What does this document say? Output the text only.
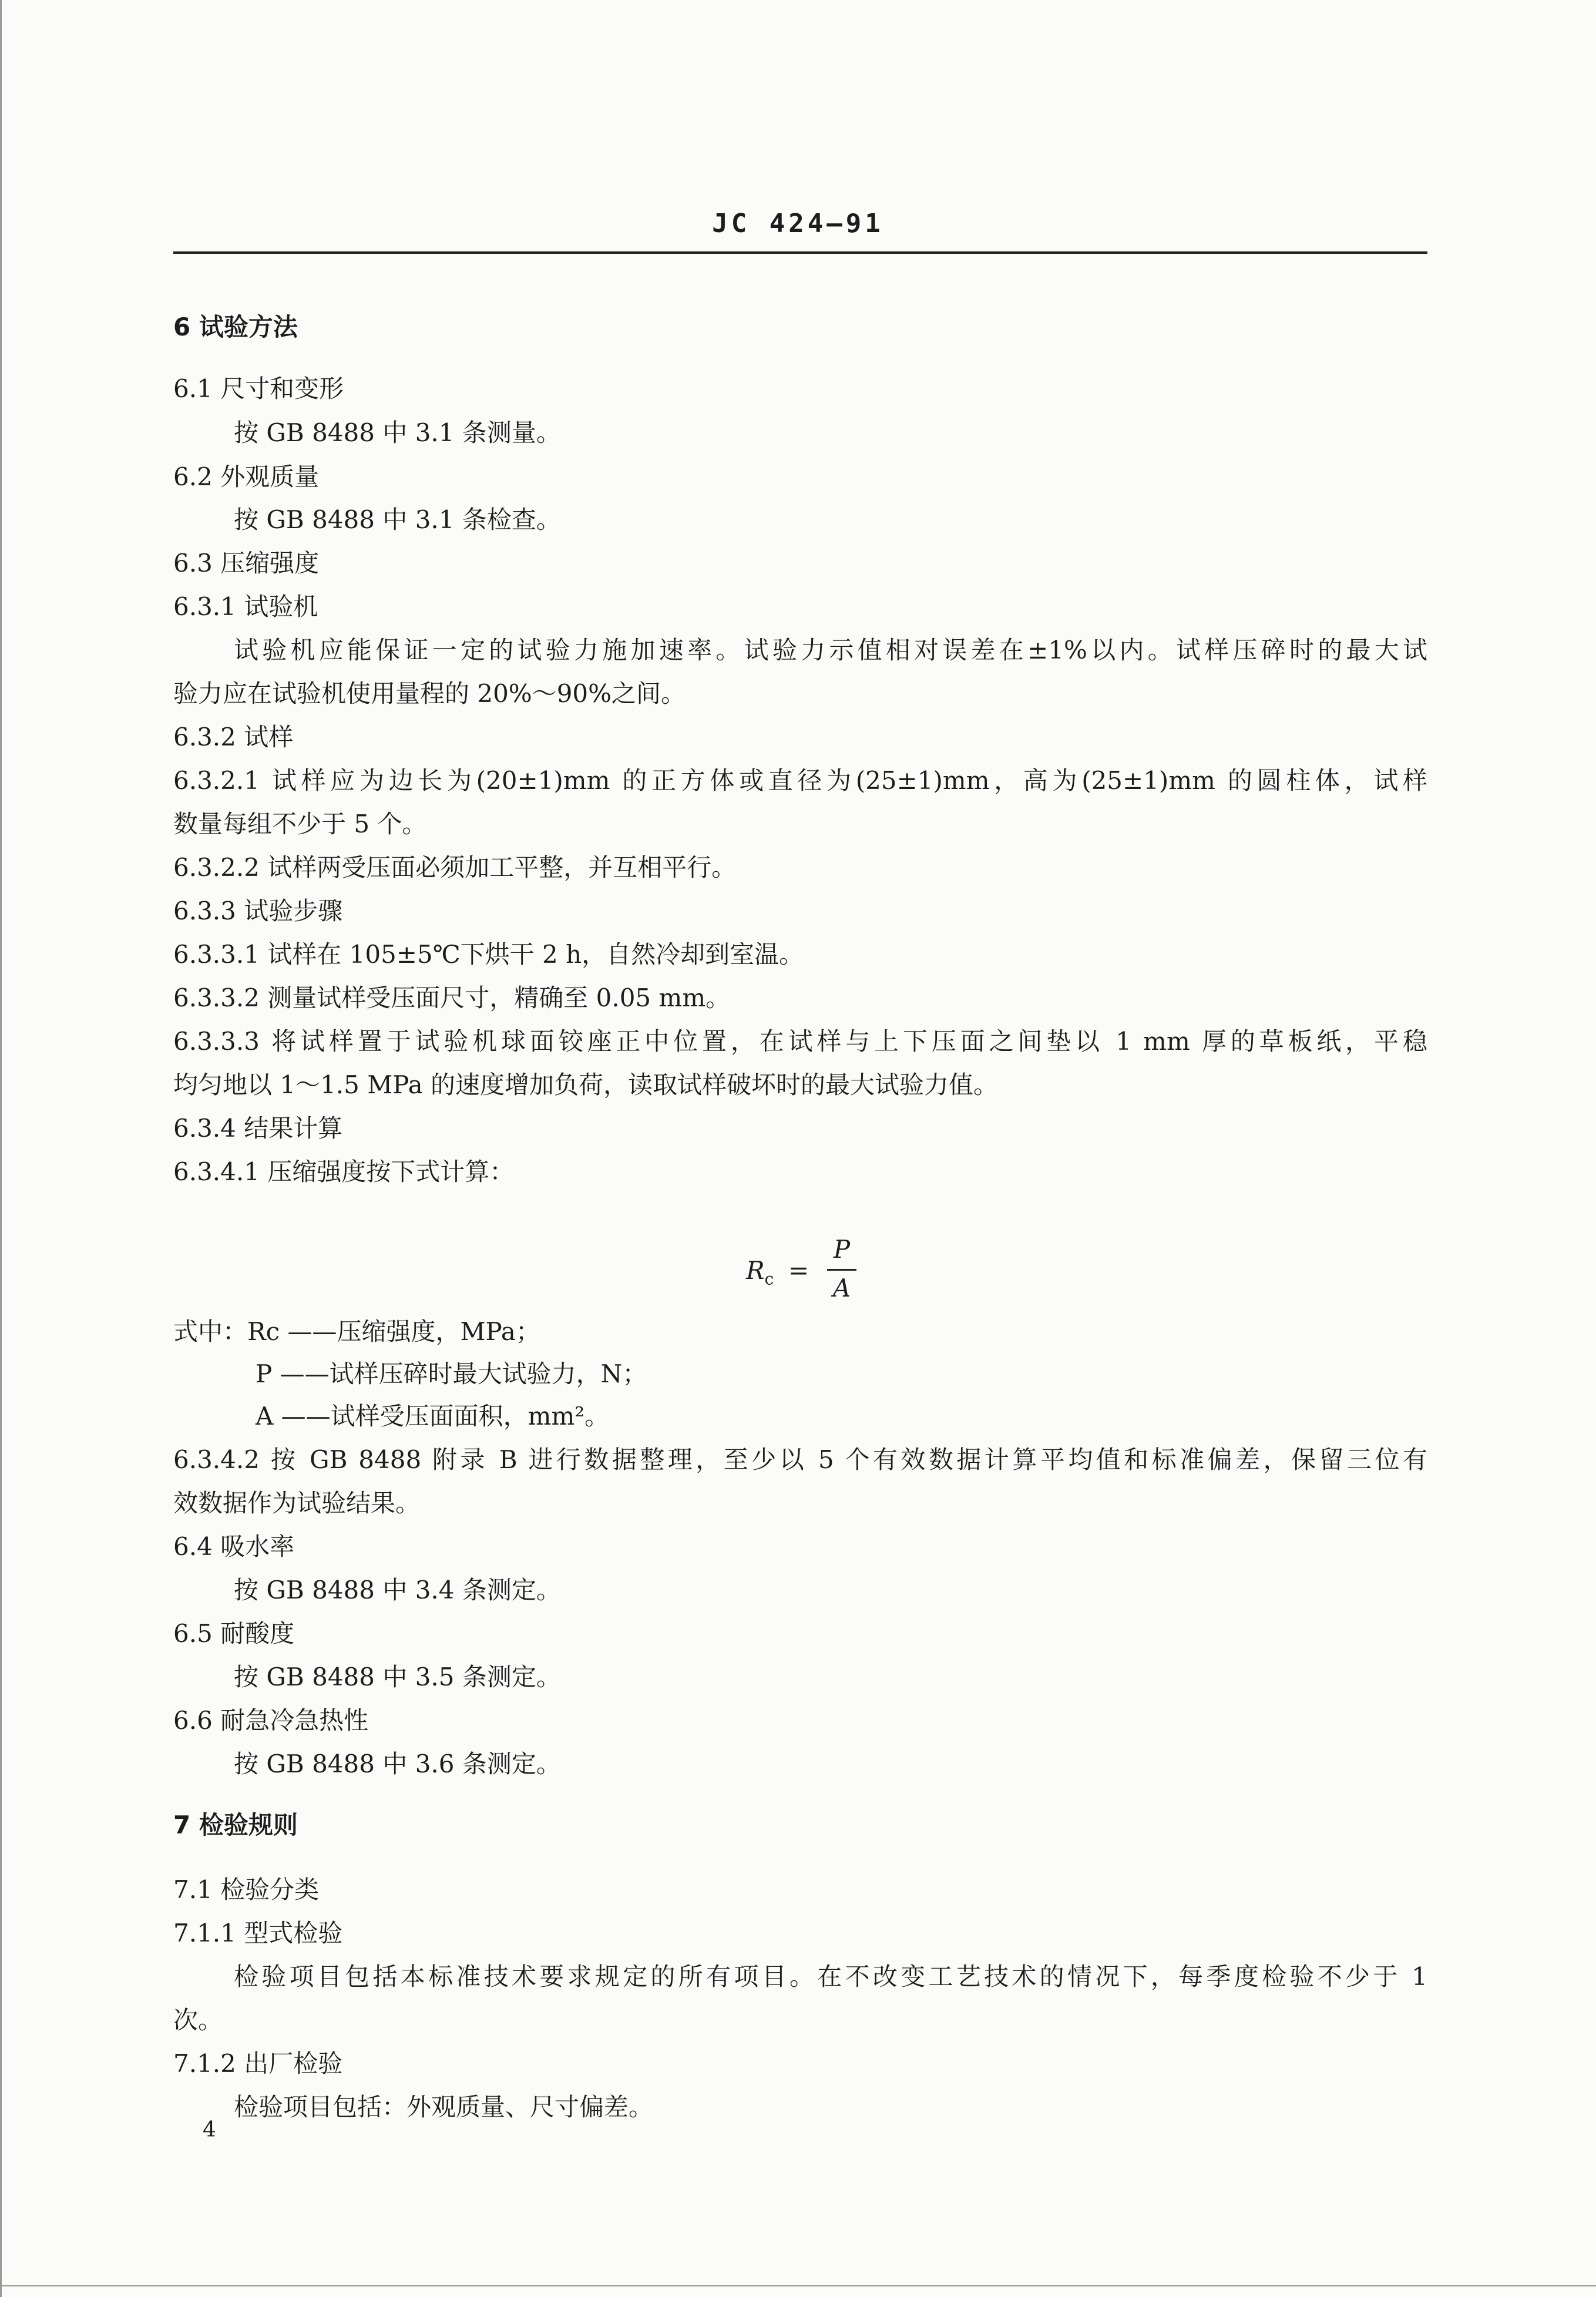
JC 424—91
6 试验方法
6.1 尺寸和变形
按 GB 8488 中 3.1 条测量。
6.2 外观质量
按 GB 8488 中 3.1 条检查。
6.3 压缩强度
6.3.1 试验机
试验机应能保证一定的试验力施加速率。试验力示值相对误差在±1%以内。试样压碎时的最大试
验力应在试验机使用量程的 20%～90%之间。
6.3.2 试样
6.3.2.1 试样应为边长为(20±1)mm 的正方体或直径为(25±1)mm，高为(25±1)mm 的圆柱体，试样
数量每组不少于 5 个。
6.3.2.2 试样两受压面必须加工平整，并互相平行。
6.3.3 试验步骤
6.3.3.1 试样在 105±5℃下烘干 2 h，自然冷却到室温。
6.3.3.2 测量试样受压面尺寸，精确至 0.05 mm。
6.3.3.3 将试样置于试验机球面铰座正中位置，在试样与上下压面之间垫以 1 mm 厚的草板纸，平稳
均匀地以 1～1.5 MPa 的速度增加负荷，读取试样破坏时的最大试验力值。
6.3.4 结果计算
6.3.4.1 压缩强度按下式计算：
$R_c$ =
P
A
式中：Rc ——压缩强度，MPa；
P ——试样压碎时最大试验力，N；
A ——试样受压面面积，mm²。
6.3.4.2 按 GB 8488 附录 B 进行数据整理，至少以 5 个有效数据计算平均值和标准偏差，保留三位有
效数据作为试验结果。
6.4 吸水率
按 GB 8488 中 3.4 条测定。
6.5 耐酸度
按 GB 8488 中 3.5 条测定。
6.6 耐急冷急热性
按 GB 8488 中 3.6 条测定。
7 检验规则
7.1 检验分类
7.1.1 型式检验
检验项目包括本标准技术要求规定的所有项目。在不改变工艺技术的情况下，每季度检验不少于 1
次。
7.1.2 出厂检验
检验项目包括：外观质量、尺寸偏差。
4
